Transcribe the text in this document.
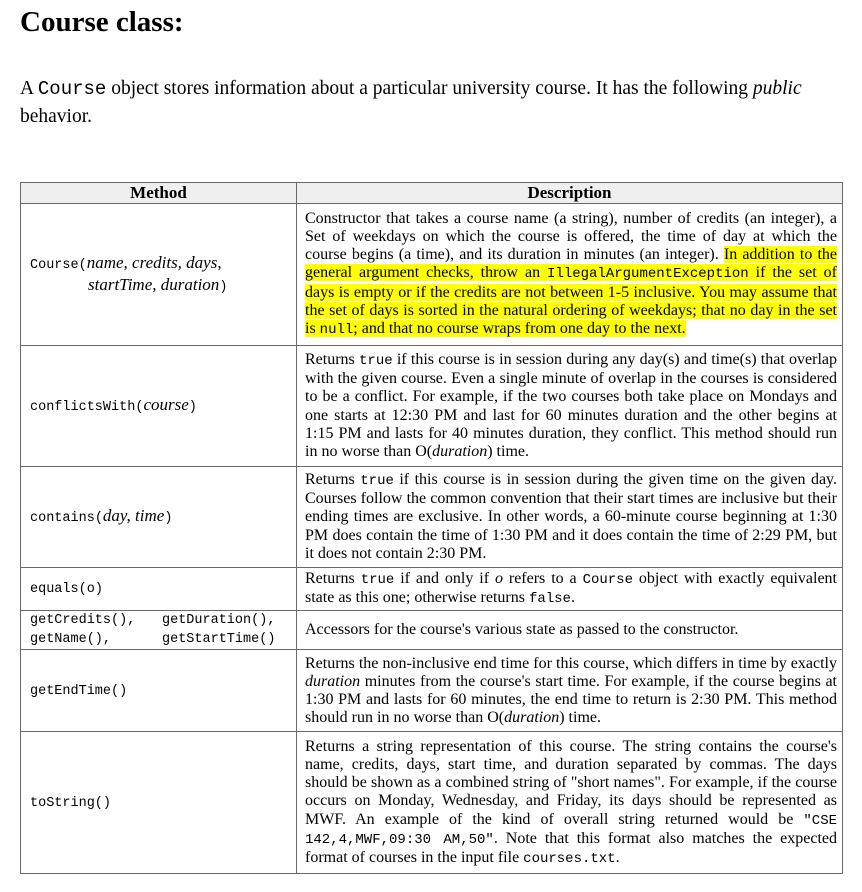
Course class:

A Course object stores information about a particular university course. It has the following public behavior.

Method	Description

Course(name, credits, days,
startTime, duration)	Constructor that takes a course name (a string), number of credits (an integer), a Set of weekdays on which the course is offered, the time of day at which the course begins (a time), and its duration in minutes (an integer). In addition to the general argument checks, throw an IllegalArgumentException if the set of days is empty or if the credits are not between 1-5 inclusive. You may assume that the set of days is sorted in the natural ordering of weekdays; that no day in the set is null; and that no course wraps from one day to the next.
conflictsWith(course)	Returns true if this course is in session during any day(s) and time(s) that overlap with the given course. Even a single minute of overlap in the courses is considered to be a conflict. For example, if the two courses both take place on Mondays and one starts at 12:30 PM and last for 60 minutes duration and the other begins at 1:15 PM and lasts for 40 minutes duration, they conflict. This method should run in no worse than O(duration) time.
contains(day, time)	Returns true if this course is in session during the given time on the given day. Courses follow the common convention that their start times are inclusive but their ending times are exclusive. In other words, a 60-minute course beginning at 1:30 PM does contain the time of 1:30 PM and it does contain the time of 2:29 PM, but it does not contain 2:30 PM.
equals(o)	Returns true if and only if o refers to a Course object with exactly equivalent state as this one; otherwise returns false.

getCredits(),
getName(),
getDuration(),
getStartTime()	Accessors for the course's various state as passed to the constructor.
getEndTime()	Returns the non-inclusive end time for this course, which differs in time by exactly duration minutes from the course's start time. For example, if the course begins at 1:30 PM and lasts for 60 minutes, the end time to return is 2:30 PM. This method should run in no worse than O(duration) time.
toString()	Returns a string representation of this course. The string contains the course's name, credits, days, start time, and duration separated by commas. The days should be shown as a combined string of "short names". For example, if the course occurs on Monday, Wednesday, and Friday, its days should be represented as MWF. An example of the kind of overall string returned would be "CSE 142,4,MWF,09:30 AM,50". Note that this format also matches the expected format of courses in the input file courses.txt.
